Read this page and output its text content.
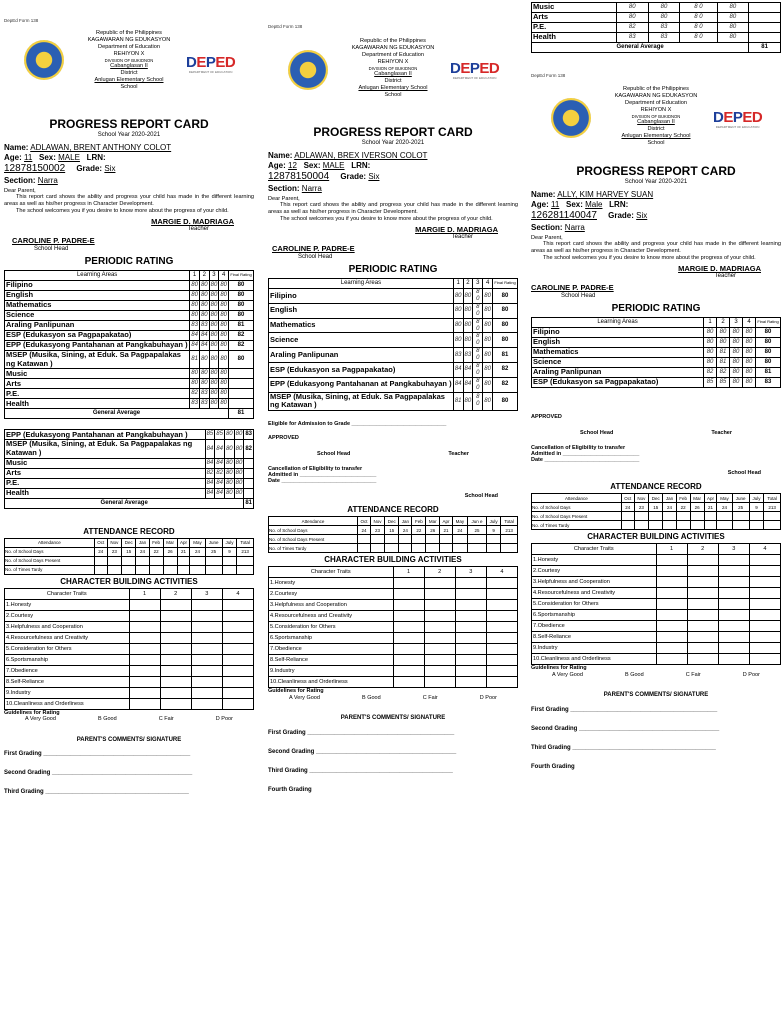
DepEd Form 138
Republic of the Philippines
KAGAWARAN NG EDUKASYON
Department of Education
REHIYON X
DIVISION OF BUKIDNON
Cabanglasan II
District
Anlugan Elementary School
School
DEPED
DEPARTMENT OF EDUCATION
PROGRESS REPORT CARD
School Year 2020-2021
Name: ADLAWAN, BRENT ANTHONY COLOT
Age: 11 Sex: MALE LRN:
12878150002 Grade: Six
Section: Narra
Dear Parent,
This report card shows the ability and progress your child has made in the different learning areas as well as his/her progress in Character Development.
The school welcomes you if you desire to know more about the progress of your child.
MARGIE D. MADRIAGA
Teacher
CAROLINE P. PADRE-E
School Head
PERIODIC RATING
Learning Areas	1	2	3	4	Final Rating
Filipino	80	80	80	80	80
English	80	80	80	80	80
Mathematics	80	80	80	80	80
Science	80	80	80	80	80
Araling Panlipunan	83	83	80	80	81
ESP (Edukasyon sa Pagpapakatao)	84	84	80	80	82
EPP (Edukasyong Pantahanan at Pangkabuhayan )	84	84	80	80	82
MSEP (Musika, Sining, at Eduk. Sa Pagpapalakas ng Katawan )	81	80	80	80	80
Music	80	80	80	80	
Arts	80	80	80	80	
P.E.	82	83	80	80	
Health	83	83	80	80	
General Average					81
EPP (Edukasyong Pantahanan at Pangkabuhayan )	85	85	80	80	83
MSEP (Musika, Sining, at Eduk. Sa Pagpapalakas ng Katawan )	84	84	80	80	82
Music	84	84	80	80	
Arts	82	82	80	80	
P.E.	84	84	80	80	
Health	84	84	80	80	
General Average					81
ATTENDANCE RECORD
Attendance	Oct	Nov	Dec	Jan	Feb	Mar	Apr	May	June	July	Total
No. of School Days	24	23	15	24	22	26	21	24	25	9	213
No. of School Days Present											
No. of Times Tardy											
CHARACTER BUILDING ACTIVITIES
Character Traits	1	2	3	4
1.Honesty				
2.Courtesy				
3.Helpfulness and Cooperation				
4.Resourcefulness and Creativity				
5.Consideration for Others				
6.Sportsmanship				
7.Obedience				
8.Self-Reliance				
9.Industry				
10.Cleanliness and Orderliness				
Guidelines for Rating
A Very Good	B Good	C Fair	D Poor
PARENT'S COMMENTS/ SIGNATURE
First Grading ____________________________________________
Second Grading __________________________________________
Third Grading ___________________________________________
DepEd Form 138
Republic of the Philippines
KAGAWARAN NG EDUKASYON
Department of Education
REHIYON X
DIVISION OF BUKIDNON
Cabanglasan II
District
Anlugan Elementary School
School
DEPED
DEPARTMENT OF EDUCATION
PROGRESS REPORT CARD
School Year 2020-2021
Name: ADLAWAN, BREX IVERSON COLOT
Age: 12 Sex: MALE LRN:
12878150004 Grade: Six
Section: Narra
Dear Parent,
This report card shows the ability and progress your child has made in the different learning areas as well as his/her progress in Character Development.
The school welcomes you if you desire to know more about the progress of your child.
MARGIE D. MADRIAGA
Teacher
CAROLINE P. PADRE-E
School Head
PERIODIC RATING
Learning Areas	1	2	3	4	Final Rating
Filipino	80	80	8 0	80	80
English	80	80	8 0	80	80
Mathematics	80	80	8 0	80	80
Science	80	80	8 0	80	80
Araling Panlipunan	83	83	8 0	80	81
ESP (Edukasyon sa Pagpapakatao)	84	84	8 0	80	82
EPP (Edukasyong Pantahanan at Pangkabuhayan )	84	84	8 0	80	82
MSEP (Musika, Sining, at Eduk. Sa Pagpapalakas ng Katawan )	81	80	8 0	80	80
Eligible for Admission to Grade _______________________________
APPROVED
School Head	Teacher
Cancellation of Eligibility to transfer
Admitted in _________________________
Date _______________________________
School Head
ATTENDANCE RECORD
Attendance	Oct	Nov	Dec	Jan	Feb	Mar	Apr	May	Jun e	July	Total
No. of School Days	24	23	15	24	22	26	21	24	25	9	213
No. of School Days Present											
No. of Times Tardy											
CHARACTER BUILDING ACTIVITIES
Character Traits	1	2	3	4
1.Honesty				
2.Courtesy				
3.Helpfulness and Cooperation				
4.Resourcefulness and Creativity				
5.Consideration for Others				
6.Sportsmanship				
7.Obedience				
8.Self-Reliance				
9.Industry				
10.Cleanliness and Orderliness				
Guidelines for Rating
A Very Good	B Good	C Fair	D Poor
PARENT'S COMMENTS/ SIGNATURE
First Grading ____________________________________________
Second Grading __________________________________________
Third Grading ___________________________________________
Fourth Grading
Music	80	80	8 0	80	
Arts	80	80	8 0	80	
P.E.	82	83	8 0	80	
Health	83	83	8 0	80	
General Average					81
DepEd Form 138
Republic of the Philippines
KAGAWARAN NG EDUKASYON
Department of Education
REHIYON X
DIVISION OF BUKIDNON
Cabanglasan II
District
Anlugan Elementary School
School
DEPED
DEPARTMENT OF EDUCATION
PROGRESS REPORT CARD
School Year 2020-2021
Name: ALLY, KIM HARVEY SUAN
Age: 11 Sex: Male LRN:
126281140047 Grade: Six
Section: Narra
Dear Parent,
This report card shows the ability and progress your child has made in the different learning areas as well as his/her progress in Character Development.
The school welcomes you if you desire to know more about the progress of your child.
MARGIE D. MADRIAGA
Teacher
CAROLINE P. PADRE-E
School Head
PERIODIC RATING
Learning Areas	1	2	3	4	Final Rating
Filipino	80	80	80	80	80
English	80	80	80	80	80
Mathematics	80	81	80	80	80
Science	80	81	80	80	80
Araling Panlipunan	82	82	80	80	81
ESP (Edukasyon sa Pagpapakatao)	85	85	80	80	83
APPROVED
School Head	Teacher
Cancellation of Eligibility to transfer
Admitted in _________________________
Date _______________________________
School Head
ATTENDANCE RECORD
Attendance	Oct	Nov	Dec	Jan	Feb	Mar	Apr	May	June	July	Total
No. of School Days	24	23	15	24	22	26	21	24	25	9	213
No. of School Days Present											
No. of Times Tardy											
CHARACTER BUILDING ACTIVITIES
Character Traits	1	2	3	4
1.Honesty				
2.Courtesy				
3.Helpfulness and Cooperation				
4.Resourcefulness and Creativity				
5.Consideration for Others				
6.Sportsmanship				
7.Obedience				
8.Self-Reliance				
9.Industry				
10.Cleanliness and Orderliness				
Guidelines for Rating
A Very Good	B Good	C Fair	D Poor
PARENT'S COMMENTS/ SIGNATURE
First Grading ____________________________________________
Second Grading __________________________________________
Third Grading ___________________________________________
Fourth Grading
